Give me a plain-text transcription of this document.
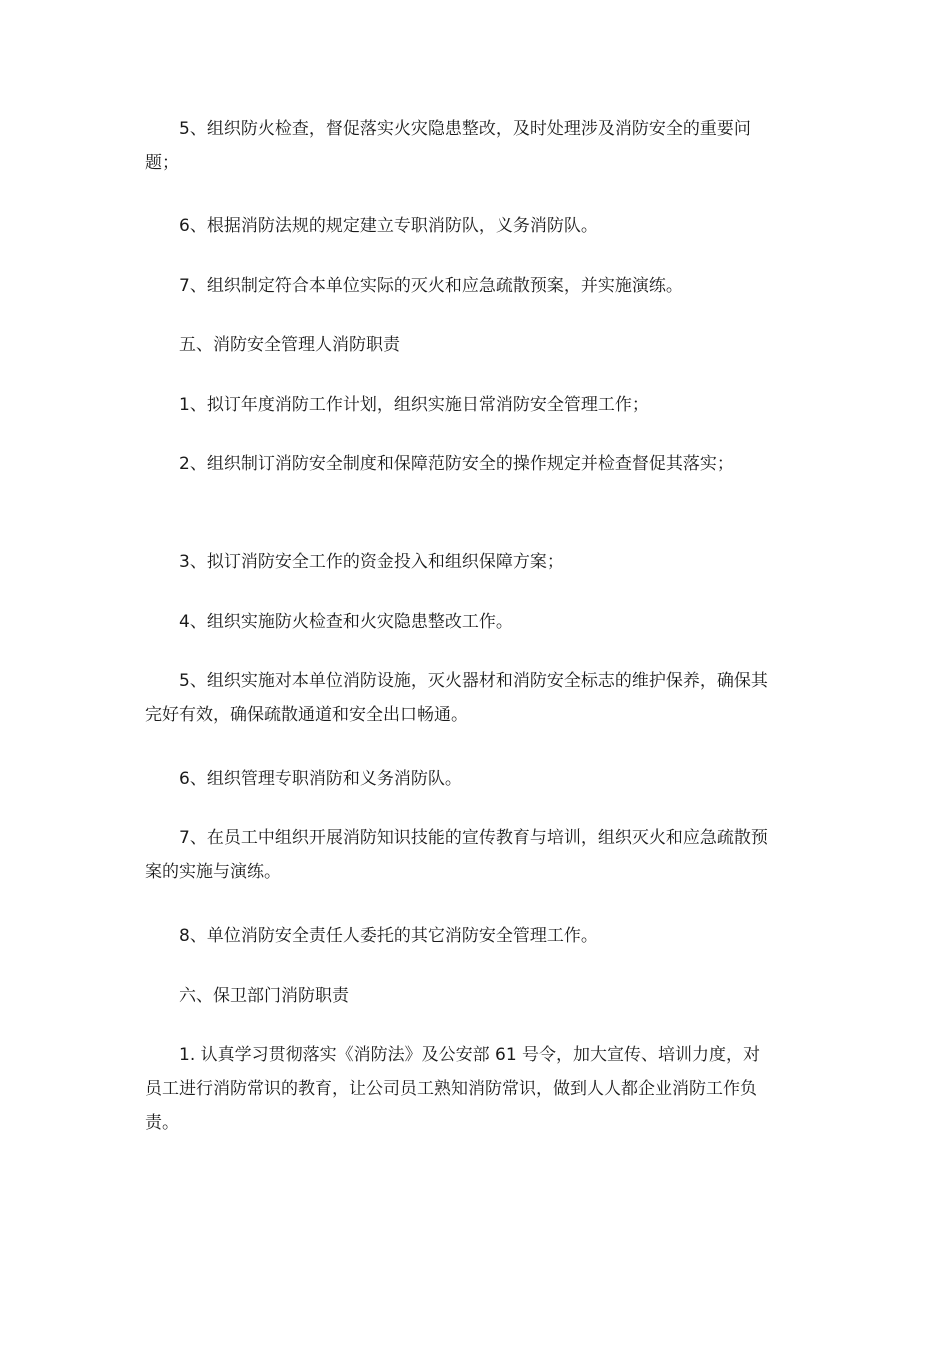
5、组织防火检查，督促落实火灾隐患整改，及时处理涉及消防安全的重要问题；

6、根据消防法规的规定建立专职消防队，义务消防队。

7、组织制定符合本单位实际的灭火和应急疏散预案，并实施演练。

五、消防安全管理人消防职责

1、拟订年度消防工作计划，组织实施日常消防安全管理工作；

2、组织制订消防安全制度和保障范防安全的操作规定并检查督促其落实；

3、拟订消防安全工作的资金投入和组织保障方案；

4、组织实施防火检查和火灾隐患整改工作。

5、组织实施对本单位消防设施，灭火器材和消防安全标志的维护保养，确保其完好有效，确保疏散通道和安全出口畅通。

6、组织管理专职消防和义务消防队。

7、在员工中组织开展消防知识技能的宣传教育与培训，组织灭火和应急疏散预案的实施与演练。

8、单位消防安全责任人委托的其它消防安全管理工作。

六、保卫部门消防职责

1. 认真学习贯彻落实《消防法》及公安部 61 号令，加大宣传、培训力度，对员工进行消防常识的教育，让公司员工熟知消防常识，做到人人都企业消防工作负责。
